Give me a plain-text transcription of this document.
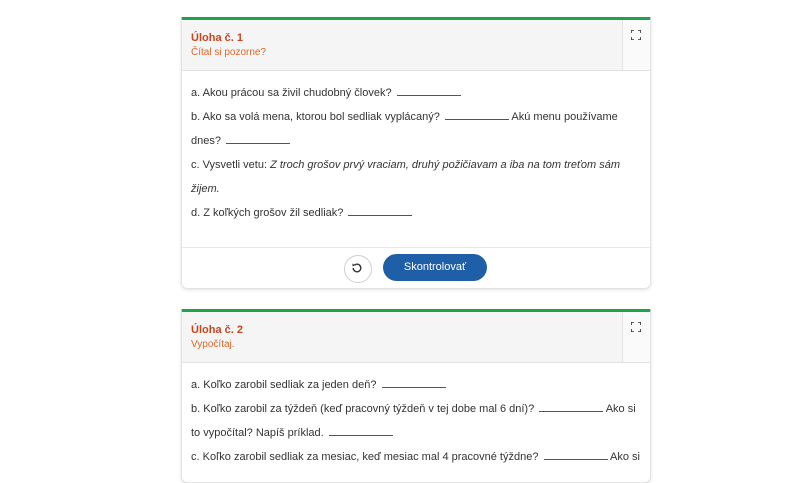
Úloha č. 1
Čítal si pozorne?

a. Akou prácou sa živil chudobný človek?

b. Ako sa volá mena, ktorou bol sedliak vyplácaný?	Akú menu používame dnes?

c. Vysvetli vetu: Z troch grošov prvý vraciam, druhý požičiavam a iba na tom treťom sám žijem.

d. Z koľkých grošov žil sedliak?

Skontrolovať
Úloha č. 2
Vypočítaj.

a. Koľko zarobil sedliak za jeden deň?

b. Koľko zarobil za týždeň (keď pracovný týždeň v tej dobe mal 6 dní)?	Ako si to vypočítal? Napíš príklad.

c. Koľko zarobil sedliak za mesiac, keď mesiac mal 4 pracovné týždne?	Ako si
